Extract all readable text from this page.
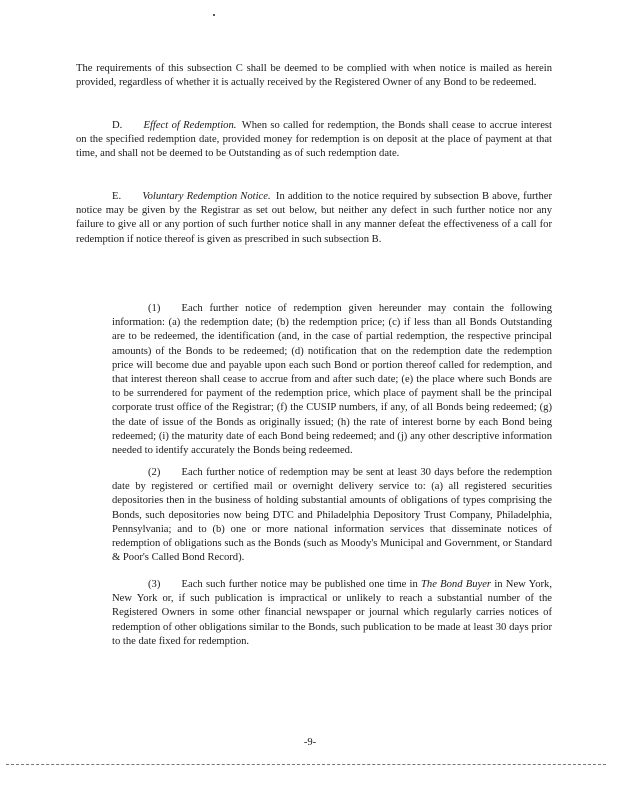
The requirements of this subsection C shall be deemed to be complied with when notice is mailed as herein provided, regardless of whether it is actually received by the Registered Owner of any Bond to be redeemed.

D.   Effect of Redemption.  When so called for redemption, the Bonds shall cease to accrue interest on the specified redemption date, provided money for redemption is on deposit at the place of payment at that time, and shall not be deemed to be Outstanding as of such redemption date.

E.   Voluntary Redemption Notice.  In addition to the notice required by subsection B above, further notice may be given by the Registrar as set out below, but neither any defect in such further notice nor any failure to give all or any portion of such further notice shall in any manner defeat the effectiveness of a call for redemption if notice thereof is given as prescribed in such subsection B.

(1)   Each further notice of redemption given hereunder may contain the following information: (a) the redemption date; (b) the redemption price; (c) if less than all Bonds Outstanding are to be redeemed, the identification (and, in the case of partial redemption, the respective principal amounts) of the Bonds to be redeemed; (d) notification that on the redemption date the redemption price will become due and payable upon each such Bond or portion thereof called for redemption, and that interest thereon shall cease to accrue from and after such date; (e) the place where such Bonds are to be surrendered for payment of the redemption price, which place of payment shall be the principal corporate trust office of the Registrar; (f) the CUSIP numbers, if any, of all Bonds being redeemed; (g) the date of issue of the Bonds as originally issued; (h) the rate of interest borne by each Bond being redeemed; (i) the maturity date of each Bond being redeemed; and (j) any other descriptive information needed to identify accurately the Bonds being redeemed.

(2)   Each further notice of redemption may be sent at least 30 days before the redemption date by registered or certified mail or overnight delivery service to: (a) all registered securities depositories then in the business of holding substantial amounts of obligations of types comprising the Bonds, such depositories now being DTC and Philadelphia Depository Trust Company, Philadelphia, Pennsylvania; and to (b) one or more national information services that disseminate notices of redemption of obligations such as the Bonds (such as Moody's Municipal and Government, or Standard & Poor's Called Bond Record).

(3)   Each such further notice may be published one time in The Bond Buyer in New York, New York or, if such publication is impractical or unlikely to reach a substantial number of the Registered Owners in some other financial newspaper or journal which regularly carries notices of redemption of other obligations similar to the Bonds, such publication to be made at least 30 days prior to the date fixed for redemption.

-9-
